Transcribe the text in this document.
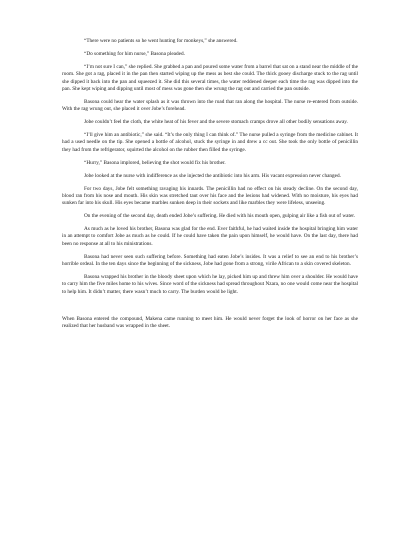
“There were no patients so he went hunting for monkeys,” she answered.

“Do something for him nurse,” Basona pleaded.

“I’m not sure I can,” she replied. She grabbed a pan and poured some water from a barrel that sat on a stand near the middle of the room. She got a rag, placed it in the pan then started wiping up the mess as best she could. The thick gooey discharge stuck to the rag until she dipped it back into the pan and squeezed it. She did this several times, the water reddened deeper each time the rag was dipped into the pan. She kept wiping and dipping until most of mess was gone then she wrung the rag out and carried the pan outside.

Basona could hear the water splash as it was thrown into the road that ran along the hospital. The nurse re-entered from outside. With the rag wrung out, she placed it over Jobe’s forehead.

Jobe couldn’t feel the cloth, the white heat of his fever and the severe stomach cramps drove all other bodily sensations away.

“I’ll give him an antibiotic,” she said. “It’s the only thing I can think of.” The nurse pulled a syringe from the medicine cabinet. It had a used needle on the tip. She opened a bottle of alcohol, stuck the syringe in and drew a cc out. She took the only bottle of penicillin they had from the refrigerator, squirted the alcohol on the rubber then filled the syringe.

“Hurry,” Basona implored, believing the shot would fix his brother.

Jobe looked at the nurse with indifference as she injected the antibiotic into his arm. His vacant expression never changed.

For two days, Jobe felt something ravaging his innards. The penicillin had no effect on his steady decline. On the second day, blood ran from his nose and mouth. His skin was stretched taut over his face and the lesions had widened. With no moisture, his eyes had sunken far into his skull. His eyes became marbles sunken deep in their sockets and like marbles they were lifeless, unseeing.

On the evening of the second day, death ended Jobe’s suffering. He died with his mouth open, gulping air like a fish out of water.

As much as he loved his brother, Basona was glad for the end. Ever faithful, he had waited inside the hospital bringing him water in an attempt to comfort Jobe as much as he could. If he could have taken the pain upon himself, he would have. On the last day, there had been no response at all to his ministrations.

Basona had never seen such suffering before. Something had eaten Jobe’s insides. It was a relief to see an end to his brother’s horrible ordeal. In the ten days since the beginning of the sickness, Jobe had gone from a strong, virile African to a skin covered skeleton.

Basona wrapped his brother in the bloody sheet upon which he lay, picked him up and threw him over a shoulder. He would have to carry him the five miles home to his wives. Since word of the sickness had spread throughout Nzara, no one would come near the hospital to help him. It didn’t matter, there wasn’t much to carry. The burden would be light.

When Basona entered the compound, Makena came running to meet him. He would never forget the look of horror on her face as she realized that her husband was wrapped in the sheet.
